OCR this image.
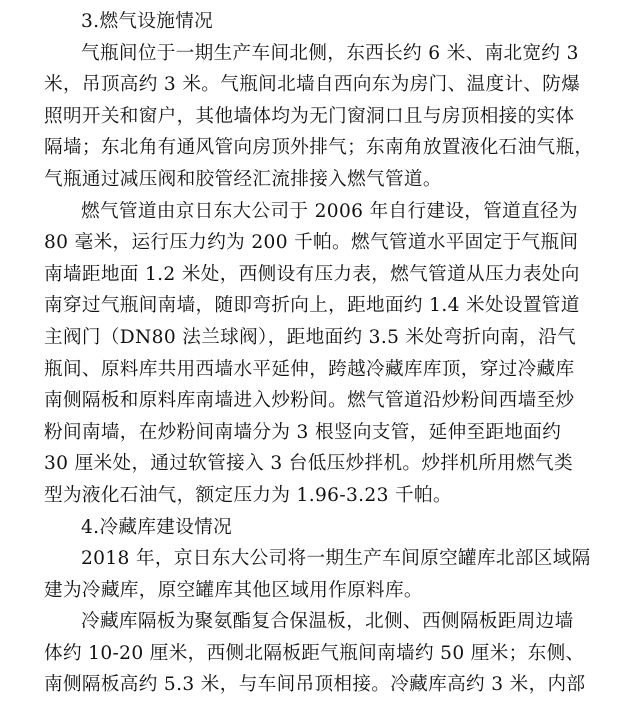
3.燃气设施情况

气瓶间位于一期生产车间北侧，东西长约 6 米、南北宽约 3

米，吊顶高约 3 米。气瓶间北墙自西向东为房门、温度计、防爆

照明开关和窗户，其他墙体均为无门窗洞口且与房顶相接的实体

隔墙；东北角有通风管向房顶外排气；东南角放置液化石油气瓶，

气瓶通过减压阀和胶管经汇流排接入燃气管道。

燃气管道由京日东大公司于 2006 年自行建设，管道直径为

80 毫米，运行压力约为 200 千帕。燃气管道水平固定于气瓶间

南墙距地面 1.2 米处，西侧设有压力表，燃气管道从压力表处向

南穿过气瓶间南墙，随即弯折向上，距地面约 1.4 米处设置管道

主阀门（DN80 法兰球阀），距地面约 3.5 米处弯折向南，沿气

瓶间、原料库共用西墙水平延伸，跨越冷藏库库顶，穿过冷藏库

南侧隔板和原料库南墙进入炒粉间。燃气管道沿炒粉间西墙至炒

粉间南墙，在炒粉间南墙分为 3 根竖向支管，延伸至距地面约

30 厘米处，通过软管接入 3 台低压炒拌机。炒拌机所用燃气类

型为液化石油气，额定压力为 1.96-3.23 千帕。

4.冷藏库建设情况

2018 年，京日东大公司将一期生产车间原空罐库北部区域隔

建为冷藏库，原空罐库其他区域用作原料库。

冷藏库隔板为聚氨酯复合保温板，北侧、西侧隔板距周边墙

体约 10-20 厘米，西侧北隔板距气瓶间南墙约 50 厘米；东侧、

南侧隔板高约 5.3 米，与车间吊顶相接。冷藏库高约 3 米，内部
